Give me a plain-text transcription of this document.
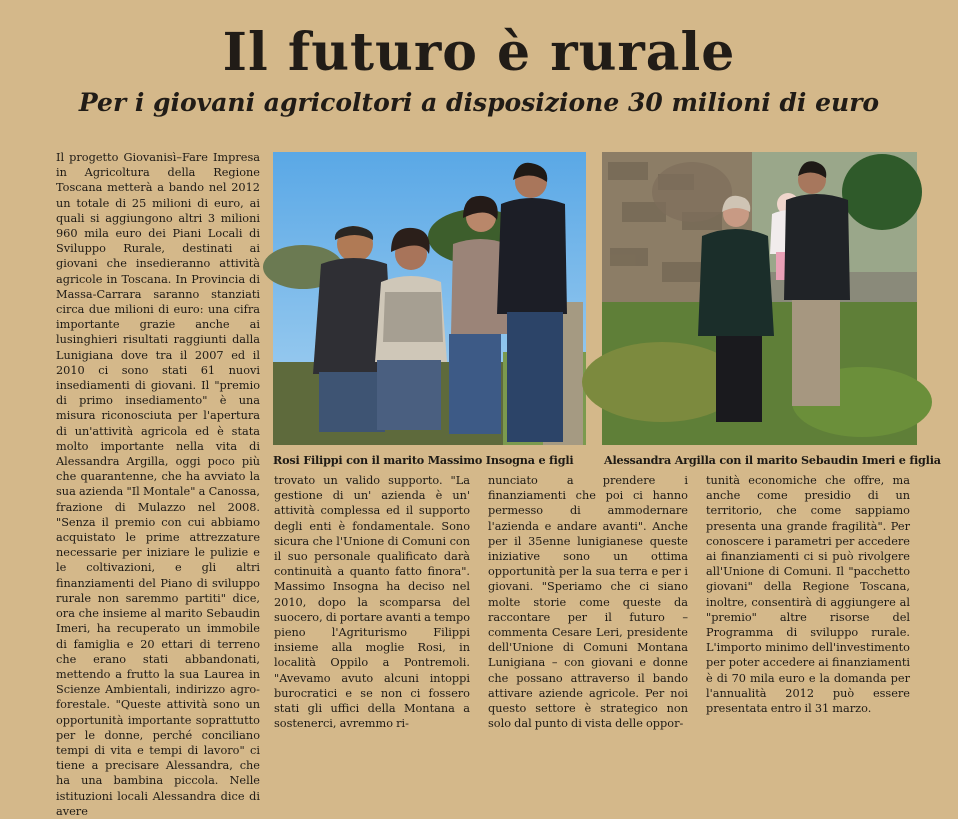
Il futuro è rurale
Per i giovani agricoltori a disposizione 30 milioni di euro

Il progetto Giovanisì–Fare Impresa in Agricoltura della Regione Toscana metterà a bando nel 2012 un totale di 25 milioni di euro, ai quali si aggiungono altri 3 milioni 960 mila euro dei Piani Locali di Sviluppo Rurale, destinati ai giovani che insedieranno attività agricole in Toscana. In Provincia di Massa-Carrara saranno stanziati circa due milioni di euro: una cifra importante grazie anche ai lusinghieri risultati raggiunti dalla Lunigiana dove tra il 2007 ed il 2010 ci sono stati 61 nuovi insediamenti di giovani. Il "premio di primo insediamento" è una misura riconosciuta per l'apertura di un'attività agricola ed è stata molto importante nella vita di Alessandra Argilla, oggi poco più che quarantenne, che ha avviato la sua azienda "Il Montale" a Canossa, frazione di Mulazzo nel 2008. "Senza il premio con cui abbiamo acquistato le prime attrezzature necessarie per iniziare le pulizie e le coltivazioni, e gli altri finanziamenti del Piano di sviluppo rurale non saremmo partiti" dice, ora che insieme al marito Sebaudin Imeri, ha recuperato un immobile di famiglia e 20 ettari di terreno che erano stati abbandonati, mettendo a frutto la sua Laurea in Scienze Ambientali, indirizzo agro-forestale. "Queste attività sono un opportunità importante soprattutto per le donne, perché conciliano tempi di vita e tempi di lavoro" ci tiene a precisare Alessandra, che ha una bambina piccola. Nelle istituzioni locali Alessandra dice di avere

Rosi Filippi con il marito Massimo Insogna e figli	Alessandra Argilla con il marito Sebaudin Imeri e figlia

trovato un valido supporto. "La gestione di un' azienda è un' attività complessa ed il supporto degli enti è fondamentale. Sono sicura che l'Unione di Comuni con il suo personale qualificato darà continuità a quanto fatto finora". Massimo Insogna ha deciso nel 2010, dopo la scomparsa del suocero, di portare avanti a tempo pieno l'Agriturismo Filippi insieme alla moglie Rosi, in località Oppilo a Pontremoli. "Avevamo avuto alcuni intoppi burocratici e se non ci fossero stati gli uffici della Montana a sostenerci, avremmo ri-

nunciato a prendere i finanziamenti che poi ci hanno permesso di ammodernare l'azienda e andare avanti". Anche per il 35enne lunigianese queste iniziative sono un ottima opportunità per la sua terra e per i giovani. "Speriamo che ci siano molte storie come queste da raccontare per il futuro – commenta Cesare Leri, presidente dell'Unione di Comuni Montana Lunigiana – con giovani e donne che possano attraverso il bando attivare aziende agricole. Per noi questo settore è strategico non solo dal punto di vista delle oppor-

tunità economiche che offre, ma anche come presidio di un territorio, che come sappiamo presenta una grande fragilità". Per conoscere i parametri per accedere ai finanziamenti ci si può rivolgere all'Unione di Comuni. Il "pacchetto giovani" della Regione Toscana, inoltre, consentirà di aggiungere al "premio" altre risorse del Programma di sviluppo rurale. L'importo minimo dell'investimento per poter accedere ai finanziamenti è di 70 mila euro e la domanda per l'annualità 2012 può essere presentata entro il 31 marzo.
